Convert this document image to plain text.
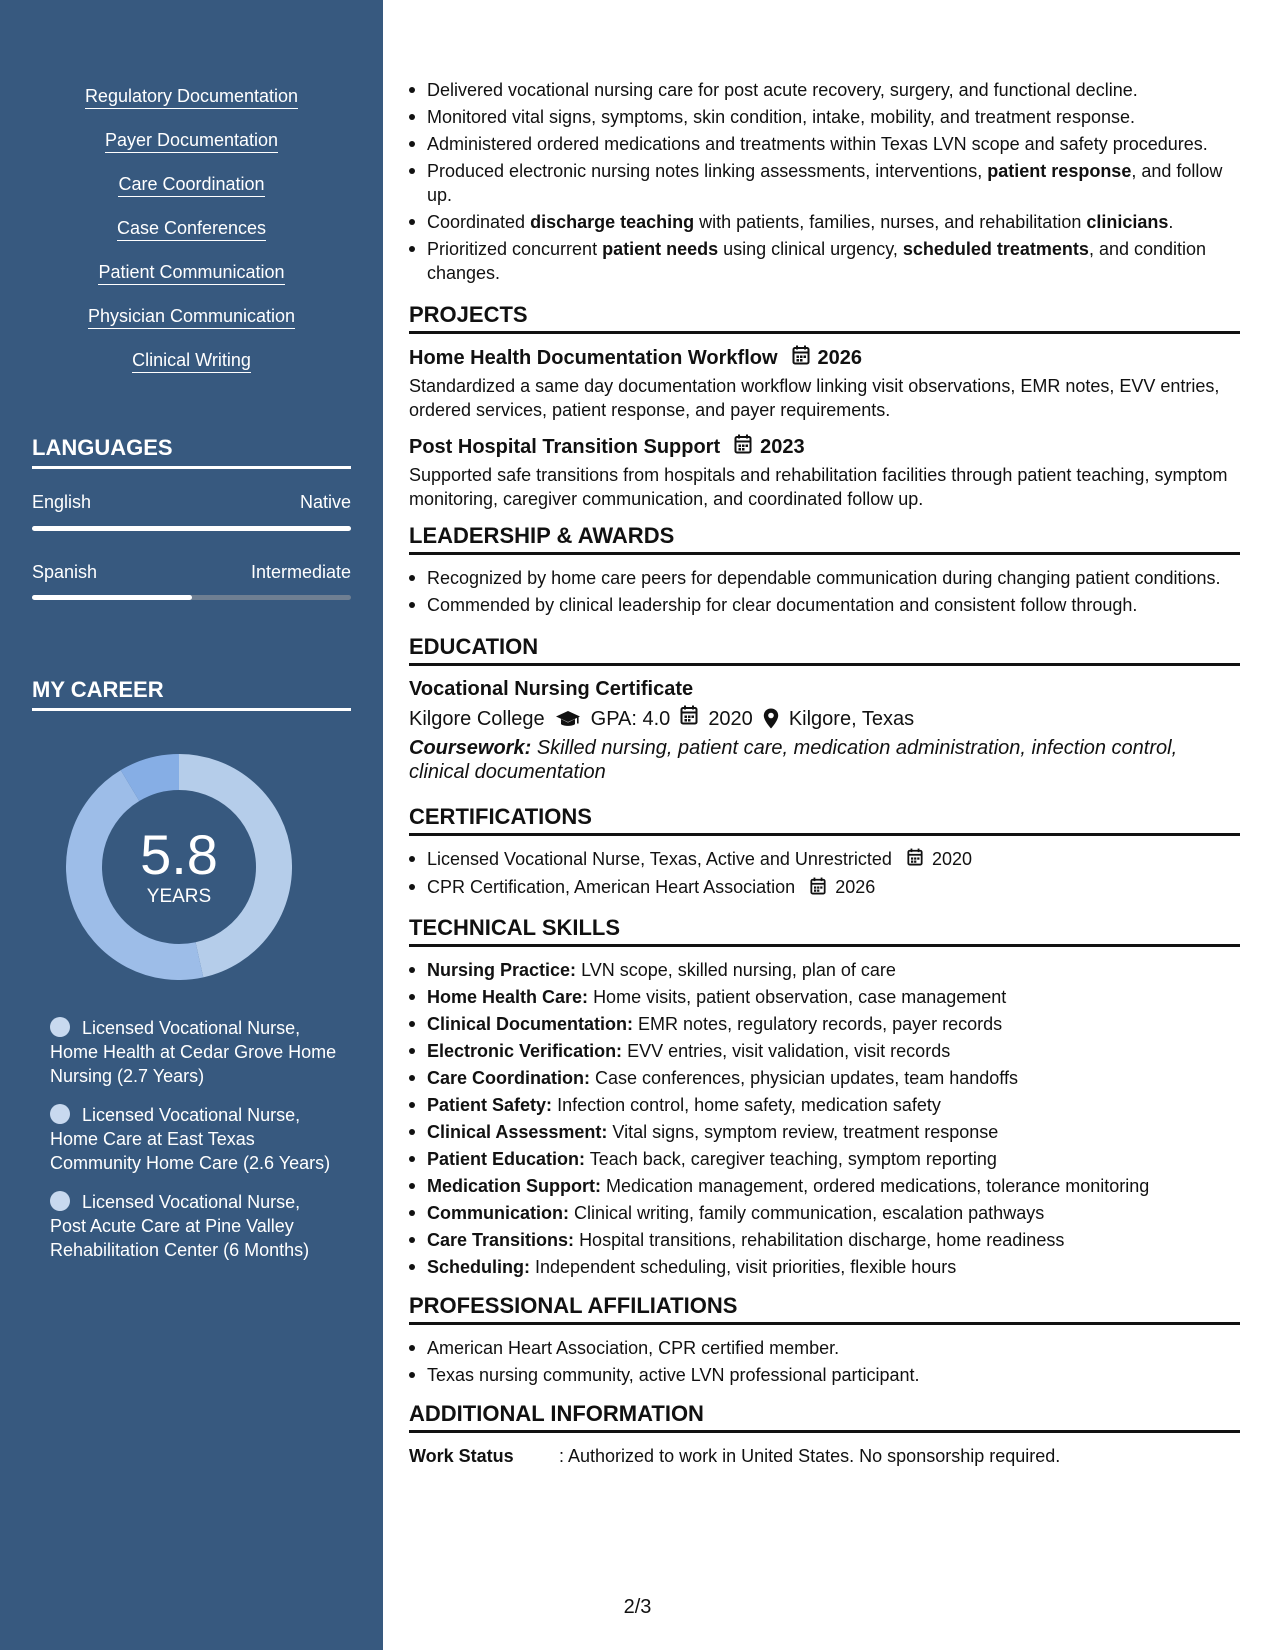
Regulatory Documentation
Payer Documentation
Care Coordination
Case Conferences
Patient Communication
Physician Communication
Clinical Writing
LANGUAGES
English	Native
Spanish	Intermediate
MY CAREER
5.8
YEARS
Licensed Vocational Nurse, Home Health at Cedar Grove Home Nursing (2.7 Years)
Licensed Vocational Nurse, Home Care at East Texas Community Home Care (2.6 Years)
Licensed Vocational Nurse, Post Acute Care at Pine Valley Rehabilitation Center (6 Months)
Delivered vocational nursing care for post acute recovery, surgery, and functional decline.
Monitored vital signs, symptoms, skin condition, intake, mobility, and treatment response.
Administered ordered medications and treatments within Texas LVN scope and safety procedures.
Produced electronic nursing notes linking assessments, interventions, patient response, and follow up.
Coordinated discharge teaching with patients, families, nurses, and rehabilitation clinicians.
Prioritized concurrent patient needs using clinical urgency, scheduled treatments, and condition changes.
PROJECTS
Home Health Documentation Workflow 2026
Standardized a same day documentation workflow linking visit observations, EMR notes, EVV entries, ordered services, patient response, and payer requirements.
Post Hospital Transition Support 2023
Supported safe transitions from hospitals and rehabilitation facilities through patient teaching, symptom monitoring, caregiver communication, and coordinated follow up.
LEADERSHIP & AWARDS
Recognized by home care peers for dependable communication during changing patient conditions.
Commended by clinical leadership for clear documentation and consistent follow through.
EDUCATION
Vocational Nursing Certificate
Kilgore College GPA: 4.0 2020 Kilgore, Texas
Coursework: Skilled nursing, patient care, medication administration, infection control, clinical documentation
CERTIFICATIONS
Licensed Vocational Nurse, Texas, Active and Unrestricted 2020
CPR Certification, American Heart Association 2026
TECHNICAL SKILLS
Nursing Practice: LVN scope, skilled nursing, plan of care
Home Health Care: Home visits, patient observation, case management
Clinical Documentation: EMR notes, regulatory records, payer records
Electronic Verification: EVV entries, visit validation, visit records
Care Coordination: Case conferences, physician updates, team handoffs
Patient Safety: Infection control, home safety, medication safety
Clinical Assessment: Vital signs, symptom review, treatment response
Patient Education: Teach back, caregiver teaching, symptom reporting
Medication Support: Medication management, ordered medications, tolerance monitoring
Communication: Clinical writing, family communication, escalation pathways
Care Transitions: Hospital transitions, rehabilitation discharge, home readiness
Scheduling: Independent scheduling, visit priorities, flexible hours
PROFESSIONAL AFFILIATIONS
American Heart Association, CPR certified member.
Texas nursing community, active LVN professional participant.
ADDITIONAL INFORMATION
Work Status	: Authorized to work in United States. No sponsorship required.
2/3
